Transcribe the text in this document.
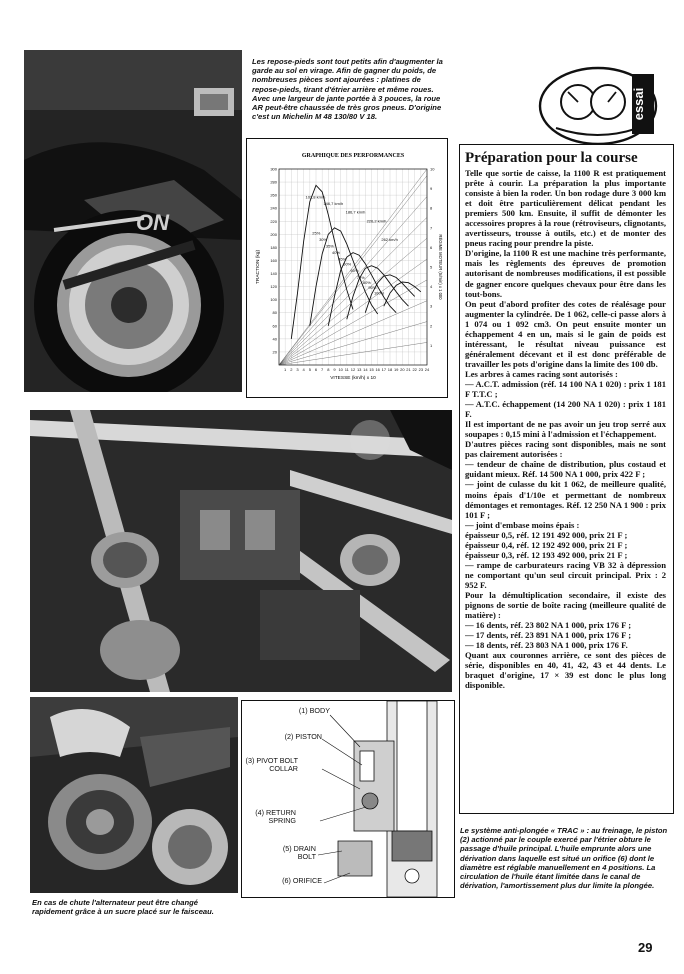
ON
Les repose-pieds sont tout petits afin d'augmenter la garde au sol en virage. Afin de gagner du poids, de nombreuses pièces sont ajourées : platines de repose-pieds, tirant d'étrier arrière et même roues. Avec une largeur de jante portée à 3 pouces, la roue AR peut-être chaussée de très gros pneus. D'origine c'est un Michelin M 48 130/80 V 18.	essai
GRAPHIQUE DES PERFORMANCES
20
40
60
80
100
120
140
160
180
200
220
240
260
280
300
1 2 3 4 5 6 7 8 9 10 11 12 13 14 15 16 17 18 19 20 21 22 23 24
1
2
3
4
5
6
7
8
9
10
VITESSE (km/h) x 10
TRACTION (kg)	RÉGIME MOTEUR (tr/min) x 1 000
102,8 km/h
146,7 km/h
186,7 km/h
226,2 km/h
262 km/h
25%
30%
35%
40%
45%
50%
60%
70%
80%
90%
100%
Préparation pour la course

Telle que sortie de caisse, la 1100 R est pratiquement prête à courir. La préparation la plus importante consiste à bien la roder. Un bon rodage dure 3 000 km et doit être particulièrement délicat pendant les premiers 500 km. Ensuite, il suffit de démonter les accessoires propres à la roue (rétroviseurs, clignotants, avertisseurs, trousse à outils, etc.) et de monter des pneus racing pour prendre la piste.

D'origine, la 1100 R est une machine très performante, mais les règlements des épreuves de promotion autorisant de nombreuses modifications, il est possible de gagner encore quelques chevaux pour être dans les tout-bons.

On peut d'abord profiter des cotes de réalésage pour augmenter la cylindrée. De 1 062, celle-ci passe alors à 1 074 ou 1 092 cm3. On peut ensuite monter un échappement 4 en un, mais si le gain de poids est intéressant, le résultat niveau puissance est généralement décevant et il est donc préférable de travailler les pots d'origine dans la limite des 100 db.

Les arbres à cames racing sont autorisés :

— A.C.T. admission (réf. 14 100 NA 1 020) : prix 1 181 F T.T.C ;

— A.T.C. échappement (14 200 NA 1 020) : prix 1 181 F.

Il est important de ne pas avoir un jeu trop serré aux soupapes : 0,15 mini à l'admission et l'échappement.

D'autres pièces racing sont disponibles, mais ne sont pas clairement autorisées :

— tendeur de chaîne de distribution, plus costaud et guidant mieux. Réf. 14 500 NA 1 000, prix 422 F ;

— joint de culasse du kit 1 062, de meilleure qualité, moins épais d'1/10e et permettant de nombreux démontages et remontages. Réf. 12 250 NA 1 900 : prix 101 F ;

— joint d'embase moins épais :

épaisseur 0,5, réf. 12 191 492 000, prix 21 F ;

épaisseur 0,4, réf. 12 192 492 000, prix 21 F ;

épaisseur 0,3, réf. 12 193 492 000, prix 21 F ;

— rampe de carburateurs racing VB 32 à dépression ne comportant qu'un seul circuit principal. Prix : 2 952 F.

Pour la démultiplication secondaire, il existe des pignons de sortie de boîte racing (meilleure qualité de matière) :

— 16 dents, réf. 23 802 NA 1 000, prix 176 F ;

— 17 dents, réf. 23 891 NA 1 000, prix 176 F ;

— 18 dents, réf. 23 803 NA 1 000, prix 176 F.

Quant aux couronnes arrière, ce sont des pièces de série, disponibles en 40, 41, 42, 43 et 44 dents. Le braquet d'origine, 17 × 39 est donc le plus long disponible.

En cas de chute l'alternateur peut être changé rapidement grâce à un sucre placé sur le faisceau.
(1) BODY
(2) PISTON
(3) PIVOT BOLT COLLAR
(4) RETURN SPRING
(5) DRAIN BOLT
(6) ORIFICE
Le système anti-plongée « TRAC » : au freinage, le piston (2) actionné par le couple exercé par l'étrier obture le passage d'huile principal. L'huile emprunte alors une dérivation dans laquelle est situé un orifice (6) dont le diamètre est réglable manuellement en 4 positions. La circulation de l'huile étant limitée dans le canal de dérivation, l'amortissement plus dur limite la plongée.
29
